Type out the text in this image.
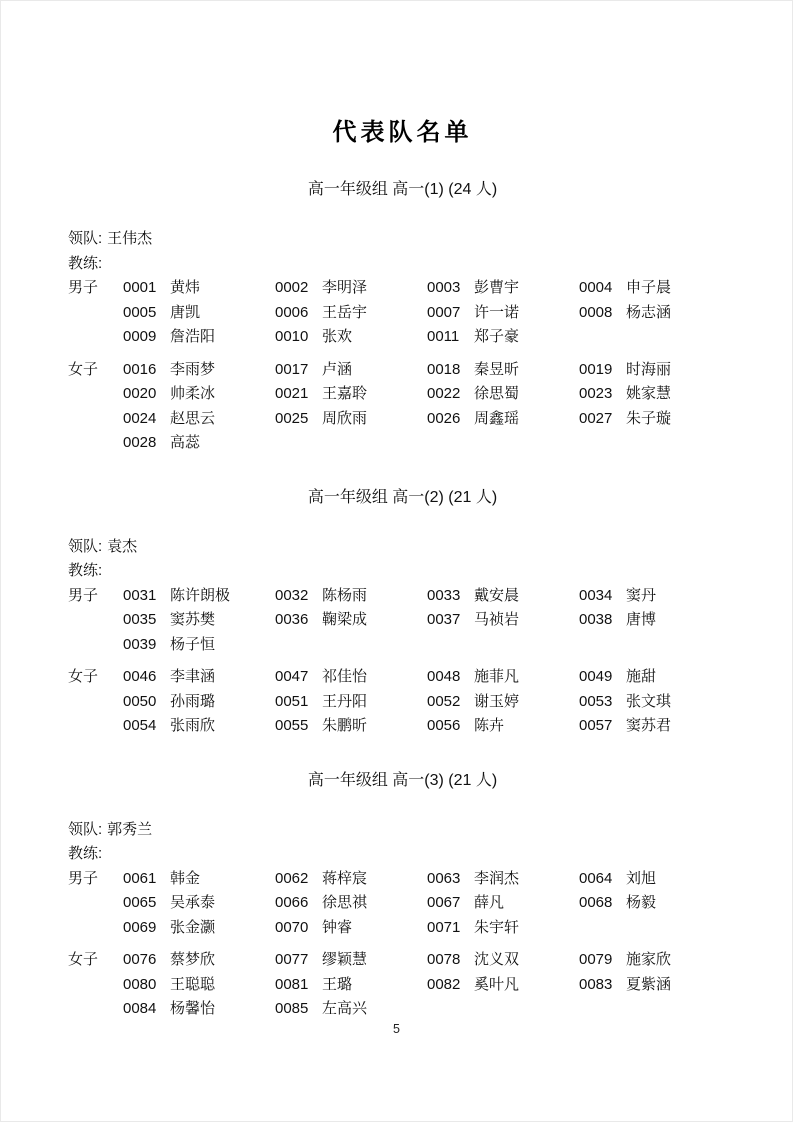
代表队名单
高一年级组 高一(1) (24 人)
领队: 王伟杰
教练:
男子	0001 黄炜	0002 李明泽	0003 彭曹宇	0004 申子晨
0005 唐凯	0006 王岳宇	0007 许一诺	0008 杨志涵
0009 詹浩阳	0010 张欢	0011 郑子豪
女子	0016 李雨梦	0017 卢涵	0018 秦昱昕	0019 时海丽
0020 帅柔冰	0021 王嘉聆	0022 徐思蜀	0023 姚家慧
0024 赵思云	0025 周欣雨	0026 周鑫瑶	0027 朱子璇
0028 高蕊
高一年级组 高一(2) (21 人)
领队: 袁杰
教练:
男子	0031 陈许朗极	0032 陈杨雨	0033 戴安晨	0034 窦丹
0035 窦苏樊	0036 鞠梁成	0037 马祯岩	0038 唐博
0039 杨子恒
女子	0046 李聿涵	0047 祁佳怡	0048 施菲凡	0049 施甜
0050 孙雨璐	0051 王丹阳	0052 谢玉婷	0053 张文琪
0054 张雨欣	0055 朱鹏昕	0056 陈卉	0057 窦苏君
高一年级组 高一(3) (21 人)
领队: 郭秀兰
教练:
男子	0061 韩金	0062 蒋梓宸	0063 李润杰	0064 刘旭
0065 吴承泰	0066 徐思祺	0067 薛凡	0068 杨毅
0069 张金灏	0070 钟睿	0071 朱宇轩
女子	0076 蔡梦欣	0077 缪颖慧	0078 沈义双	0079 施家欣
0080 王聪聪	0081 王璐	0082 奚叶凡	0083 夏紫涵
0084 杨馨怡	0085 左高兴
5
